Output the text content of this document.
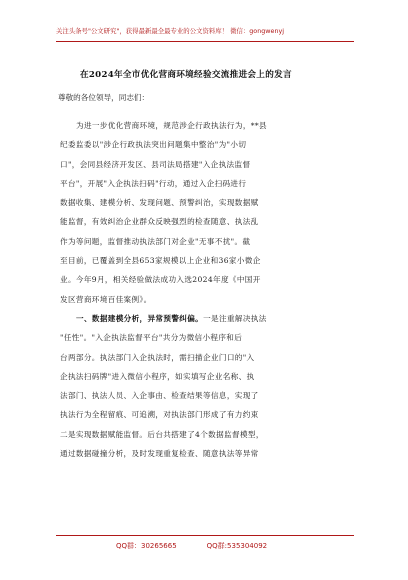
关注头条号"公文研究"，获得最新最全最专业的公文资料库！ 微信：gongwenyj
在2024年全市优化营商环境经验交流推进会上的发言
尊敬的各位领导，同志们：
为进一步优化营商环境，规范涉企行政执法行为，**县
纪委监委以"涉企行政执法突出问题集中整治"为"小切
口"，会同县经济开发区、县司法局搭建"入企执法监督
平台"，开展"入企执法扫码"行动，通过入企扫码进行
数据收集、建模分析、发现问题、预警纠治，实现数据赋
能监督，有效纠治企业群众反映强烈的检查随意、执法乱
作为等问题，监督推动执法部门对企业"无事不扰"。截
至目前，已覆盖到全县653家规模以上企业和36家小微企
业。今年9月，相关经验做法成功入选2024年度《中国开
发区营商环境百佳案例》。
一、数据建模分析，异常预警纠偏。一是注重解决执法
"任性"。"入企执法监督平台"共分为微信小程序和后
台两部分。执法部门入企执法时，需扫描企业门口的"入
企执法扫码牌"进入微信小程序，如实填写企业名称、执
法部门、执法人员、入企事由、检查结果等信息，实现了
执法行为全程留痕、可追溯，对执法部门形成了有力约束
二是实现数据赋能监督。后台共搭建了4个数据监督模型，
通过数据碰撞分析，及时发现重复检查、随意执法等异常
QQ群：30265665	QQ群:535304092
